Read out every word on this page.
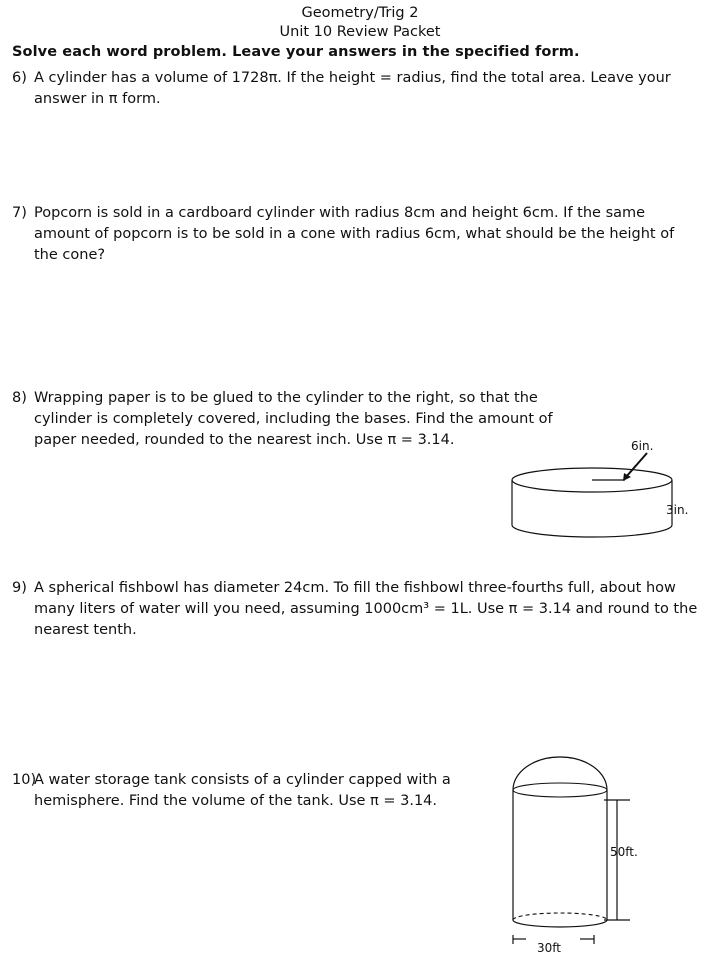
Geometry/Trig 2
Unit 10 Review Packet
Solve each word problem. Leave your answers in the specified form.
6) A cylinder has a volume of 1728π. If the height = radius, find the total area. Leave your answer in π form.
7) Popcorn is sold in a cardboard cylinder with radius 8cm and height 6cm. If the same amount of popcorn is to be sold in a cone with radius 6cm, what should be the height of the cone?
8) Wrapping paper is to be glued to the cylinder to the right, so that the cylinder is completely covered, including the bases. Find the amount of paper needed, rounded to the nearest inch. Use π = 3.14.
9) A spherical fishbowl has diameter 24cm. To fill the fishbowl three-fourths full, about how many liters of water will you need, assuming 1000cm³ = 1L. Use π = 3.14 and round to the nearest tenth.
10)
A water storage tank consists of a cylinder capped with a hemisphere. Find the volume of the tank. Use π = 3.14.
6in.
3in.
50ft.
30ft
